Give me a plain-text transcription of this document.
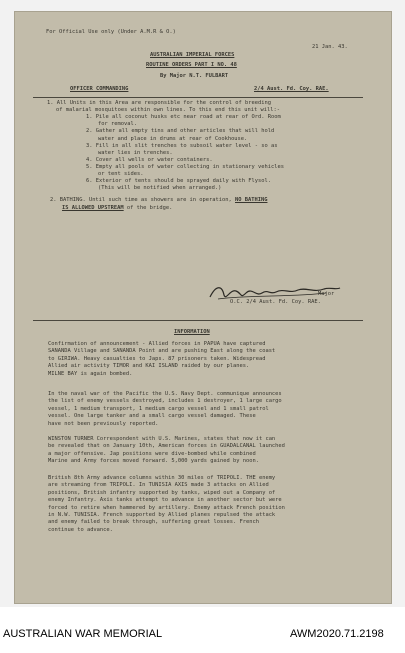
For Official Use only (Under A.M.R & O.)
21 Jan. 43.
AUSTRALIAN IMPERIAL FORCES
ROUTINE ORDERS PART I NO. 48
By Major N.T. FULBART
OFFICER COMMANDING	2/4 Aust. Fd. Coy. RAE.
1. All Units in this Area are responsible for the control of breeding
of malarial mosquitoes within own lines. To this end this unit will:-
1. Pile all coconut husks etc near road at rear of Ord. Room
for removal.
2. Gather all empty tins and other articles that will hold
water and place in drums at rear of Cookhouse.
3. Fill in all slit trenches to subsoil water level - so as
water lies in trenches.
4. Cover all wells or water containers.
5. Empty all pools of water collecting in stationary vehicles
or tent sides.
6. Exterior of tents should be sprayed daily with Flysol.
(This will be notified when arranged.)
2. BATHING. Until such time as showers are in operation, NO BATHING
IS ALLOWED UPSTREAM of the bridge.
Major
O.C. 2/4 Aust. Fd. Coy. RAE.
INFORMATION
Confirmation of announcement - Allied forces in PAPUA have captured
SANANDA Village and SANANDA Point and are pushing East along the coast
to GIRIWA. Heavy casualties to Japs. 87 prisoners taken. Widespread
Allied air activity TIMOR and KAI ISLAND raided by our planes.
MILNE BAY is again bombed.
In the naval war of the Pacific the U.S. Navy Dept. communique announces
the list of enemy vessels destroyed, includes 1 destroyer, 1 large cargo
vessel, 1 medium transport, 1 medium cargo vessel and 1 small patrol
vessel. One large tanker and a small cargo vessel damaged. These
have not been previously reported.
WINSTON TURNER Correspondent with U.S. Marines, states that now it can
be revealed that on January 10th, American forces in GUADALCANAL launched
a major offensive. Jap positions were dive-bombed while combined
Marine and Army forces moved forward. 5,000 yards gained by noon.
British 8th Army advance columns within 30 miles of TRIPOLI. THE enemy
are streaming from TRIPOLI. In TUNISIA AXIS made 3 attacks on Allied
positions, British infantry supported by tanks, wiped out a Company of
enemy Infantry. Axis tanks attempt to advance in another sector but were
forced to retire when hammered by artillery. Enemy attack French position
in N.W. TUNISIA. French supported by Allied planes repulsed the attack
and enemy failed to break through, suffering great losses. French
continue to advance.
AUSTRALIAN WAR MEMORIAL	AWM2020.71.2198
